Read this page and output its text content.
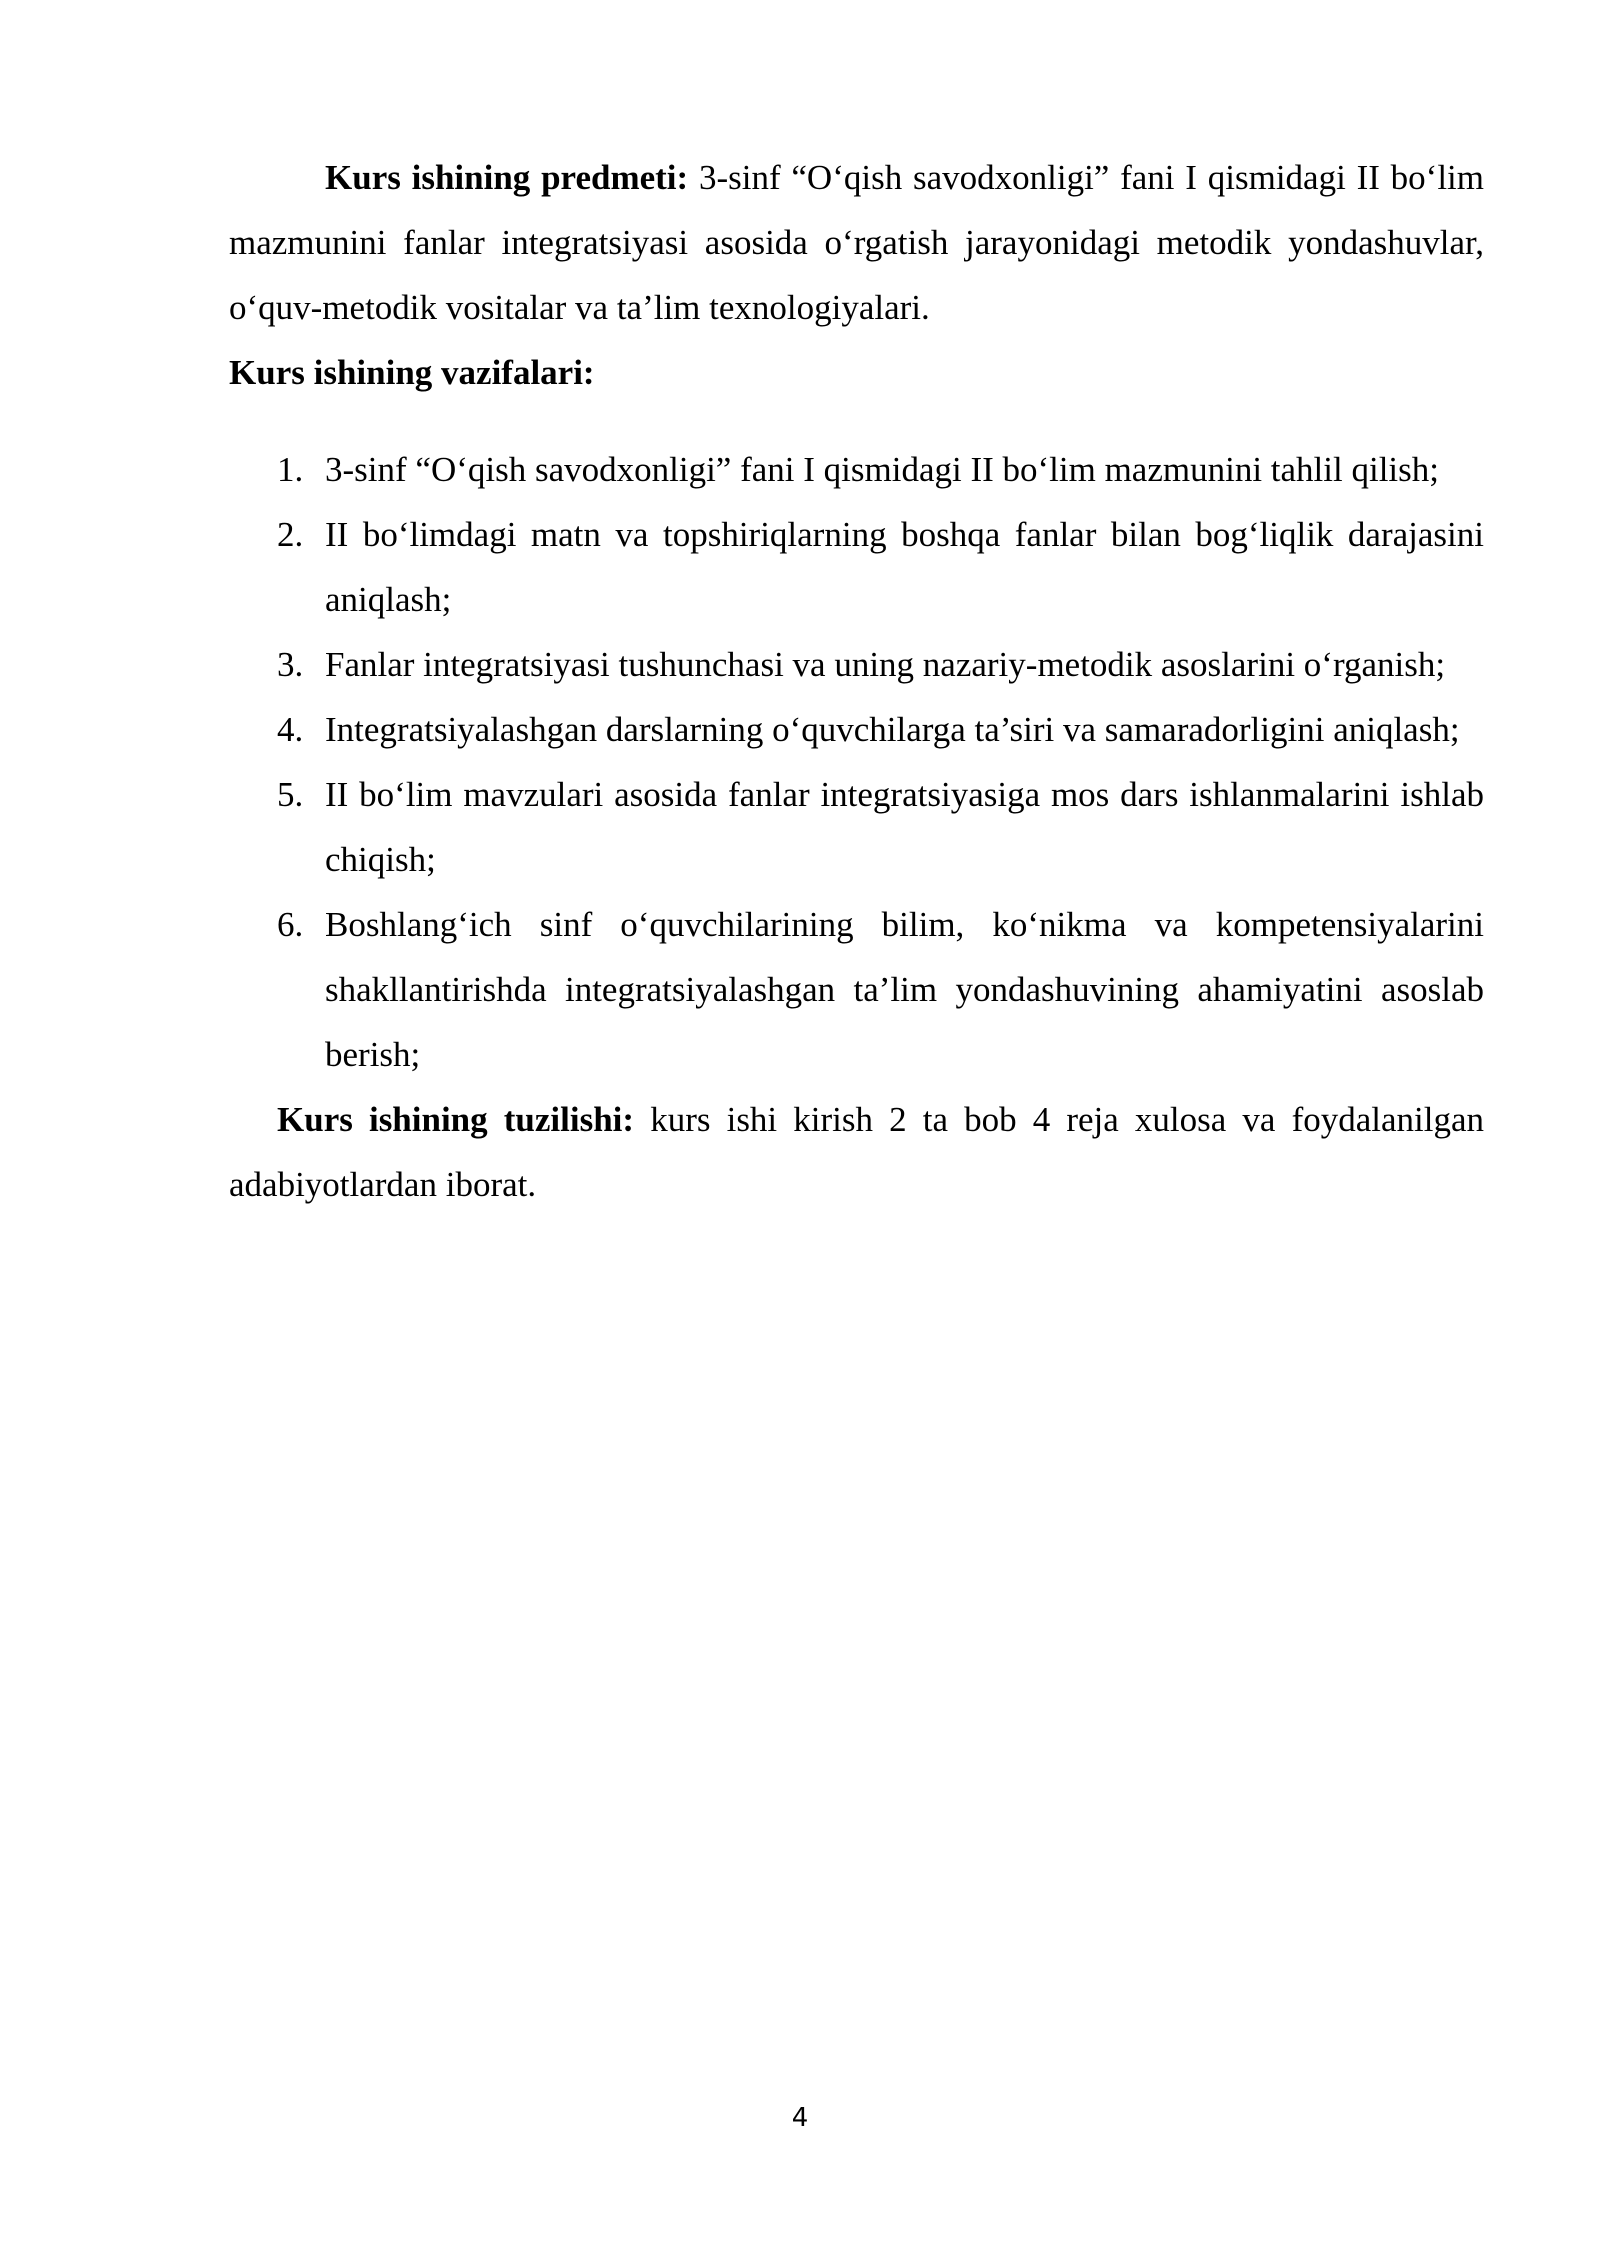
Kurs ishining predmeti: 3-sinf “O‘qish savodxonligi” fani I qismidagi II bo‘lim mazmunini fanlar integratsiyasi asosida o‘rgatish jarayonidagi metodik yondashuvlar, o‘quv-metodik vositalar va ta’lim texnologiyalari.

Kurs ishining vazifalari:

1. 3-sinf “O‘qish savodxonligi” fani I qismidagi II bo‘lim mazmunini tahlil qilish;
2. II bo‘limdagi matn va topshiriqlarning boshqa fanlar bilan bog‘liqlik darajasini aniqlash;
3. Fanlar integratsiyasi tushunchasi va uning nazariy-metodik asoslarini o‘rganish;
4. Integratsiyalashgan darslarning o‘quvchilarga ta’siri va samaradorligini aniqlash;
5. II bo‘lim mavzulari asosida fanlar integratsiyasiga mos dars ishlanmalarini ishlab chiqish;
6. Boshlang‘ich sinf o‘quvchilarining bilim, ko‘nikma va kompetensiyalarini shakllantirishda integratsiyalashgan ta’lim yondashuvining ahamiyatini asoslab berish;

Kurs ishining tuzilishi: kurs ishi kirish 2 ta bob 4 reja xulosa va foydalanilgan adabiyotlardan iborat.

4
